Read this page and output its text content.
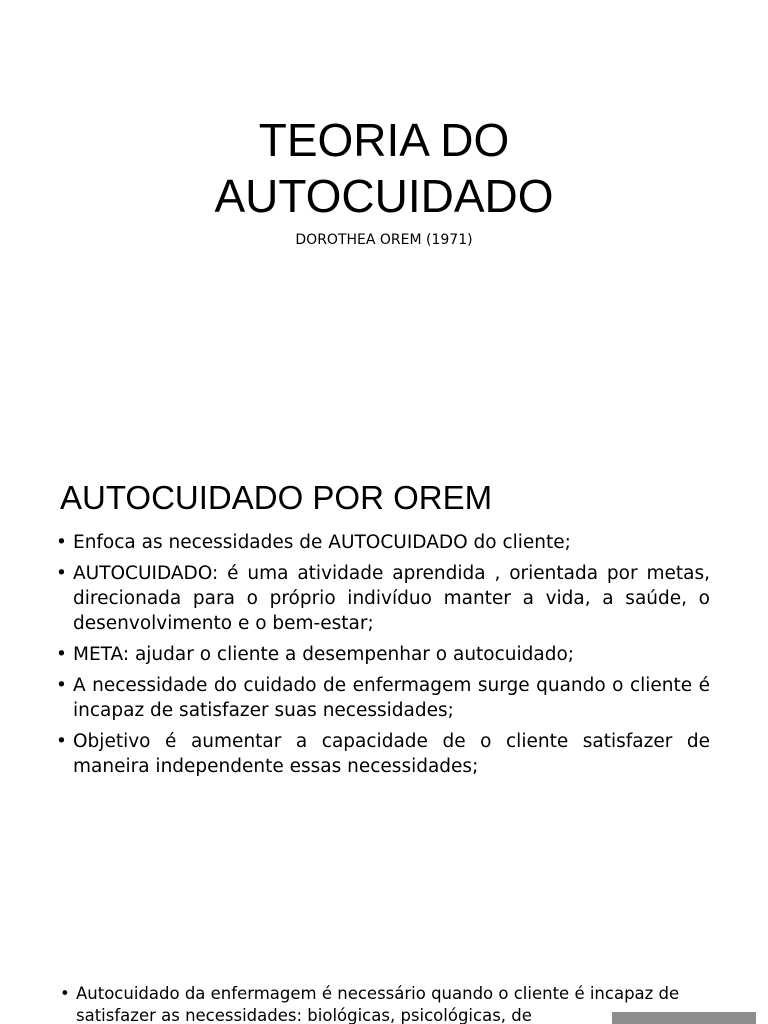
TEORIA DO
AUTOCUIDADO
DOROTHEA OREM (1971)
AUTOCUIDADO POR OREM
• Enfoca as necessidades de AUTOCUIDADO do cliente;
• AUTOCUIDADO: é uma atividade aprendida , orientada por metas, direcionada para o próprio indivíduo manter a vida, a saúde, o desenvolvimento e o bem-estar;
• META: ajudar o cliente a desempenhar o autocuidado;
• A necessidade do cuidado de enfermagem surge quando o cliente é incapaz de satisfazer suas necessidades;
• Objetivo é aumentar a capacidade de o cliente satisfazer de maneira independente essas necessidades;
• Autocuidado da enfermagem é necessário quando o cliente é incapaz de satisfazer as necessidades: biológicas, psicológicas, de
